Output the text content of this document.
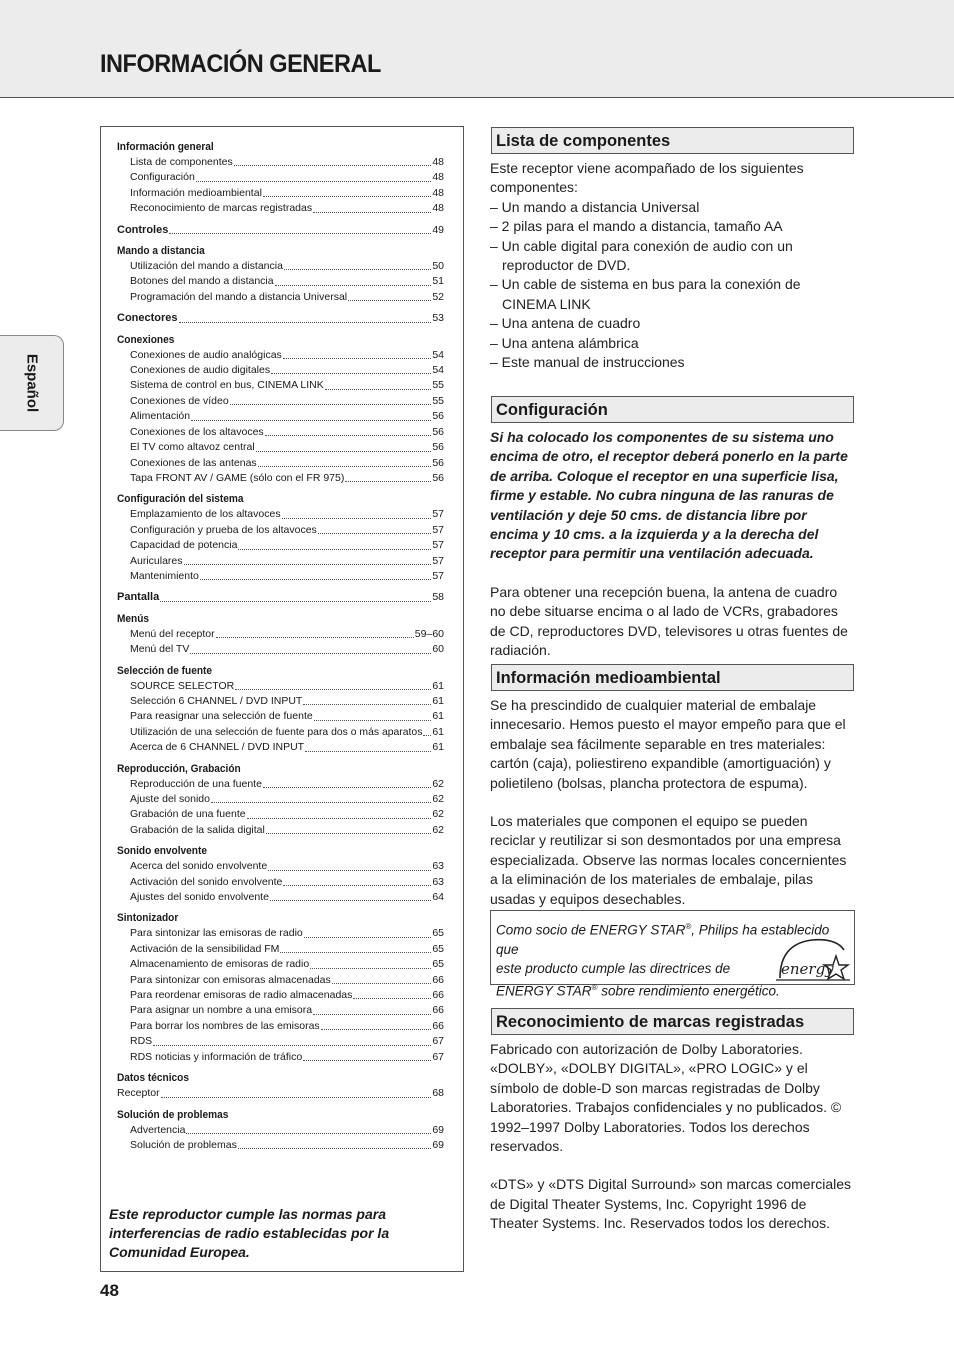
INFORMACIÓN GENERAL
Español
Información general
Lista de componentes	48
Configuración	48
Información medioambiental	48
Reconocimiento de marcas registradas	48
Controles	49
Mando a distancia
Utilización del mando a distancia	50
Botones del mando a distancia	51
Programación del mando a distancia Universal	52
Conectores	53
Conexiones
Conexiones de audio analógicas	54
Conexiones de audio digitales	54
Sistema de control en bus, CINEMA LINK	55
Conexiones de vídeo	55
Alimentación	56
Conexiones de los altavoces	56
El TV como altavoz central	56
Conexiones de las antenas	56
Tapa FRONT AV / GAME (sólo con el FR 975)	56
Configuración del sistema
Emplazamiento de los altavoces	57
Configuración y prueba de los altavoces	57
Capacidad de potencia	57
Auriculares	57
Mantenimiento	57
Pantalla	58
Menús
Menú del receptor	59–60
Menú del TV	60
Selección de fuente
SOURCE SELECTOR	61
Selección 6 CHANNEL / DVD INPUT	61
Para reasignar una selección de fuente	61
Utilización de una selección de fuente para dos o más aparatos 61
Acerca de 6 CHANNEL / DVD INPUT	61
Reproducción, Grabación
Reproducción de una fuente	62
Ajuste del sonido	62
Grabación de una fuente	62
Grabación de la salida digital	62
Sonido envolvente
Acerca del sonido envolvente	63
Activación del sonido envolvente	63
Ajustes del sonido envolvente	64
Sintonizador
Para sintonizar las emisoras de radio	65
Activación de la sensibilidad FM	65
Almacenamiento de emisoras de radio	65
Para sintonizar con emisoras almacenadas	66
Para reordenar emisoras de radio almacenadas	66
Para asignar un nombre a una emisora	66
Para borrar los nombres de las emisoras	66
RDS	67
RDS noticias y información de tráfico	67
Datos técnicos
Receptor	68
Solución de problemas
Advertencia	69
Solución de problemas	69
Este reproductor cumple las normas para interferencias de radio establecidas por la Comunidad Europea.
Lista de componentes
Este receptor viene acompañado de los siguientes componentes:
– Un mando a distancia Universal
– 2 pilas para el mando a distancia, tamaño AA
– Un cable digital para conexión de audio con un reproductor de DVD.
– Un cable de sistema en bus para la conexión de CINEMA LINK
– Una antena de cuadro
– Una antena alámbrica
– Este manual de instrucciones
Configuración
Si ha colocado los componentes de su sistema uno encima de otro, el receptor deberá ponerlo en la parte de arriba. Coloque el receptor en una superficie lisa, firme y estable. No cubra ninguna de las ranuras de ventilación y deje 50 cms. de distancia libre por encima y 10 cms. a la izquierda y a la derecha del receptor para permitir una ventilación adecuada.
Para obtener una recepción buena, la antena de cuadro no debe situarse encima o al lado de VCRs, grabadores de CD, reproductores DVD, televisores u otras fuentes de radiación.
Información medioambiental
Se ha prescindido de cualquier material de embalaje innecesario. Hemos puesto el mayor empeño para que el embalaje sea fácilmente separable en tres materiales: cartón (caja), poliestireno expandible (amortiguación) y polietileno (bolsas, plancha protectora de espuma).
Los materiales que componen el equipo se pueden reciclar y reutilizar si son desmontados por una empresa especializada. Observe las normas locales concernientes a la eliminación de los materiales de embalaje, pilas usadas y equipos desechables.
Como socio de ENERGY STAR®, Philips ha establecido que
este producto cumple las directrices de
ENERGY STAR® sobre rendimiento energético.
energy
Reconocimiento de marcas registradas
Fabricado con autorización de Dolby Laboratories. «DOLBY», «DOLBY DIGITAL», «PRO LOGIC» y el símbolo de doble-D son marcas registradas de Dolby Laboratories. Trabajos confidenciales y no publicados. © 1992–1997 Dolby Laboratories. Todos los derechos reservados.
«DTS» y «DTS Digital Surround» son marcas comerciales de Digital Theater Systems, Inc. Copyright 1996 de Theater Systems. Inc. Reservados todos los derechos.
48
